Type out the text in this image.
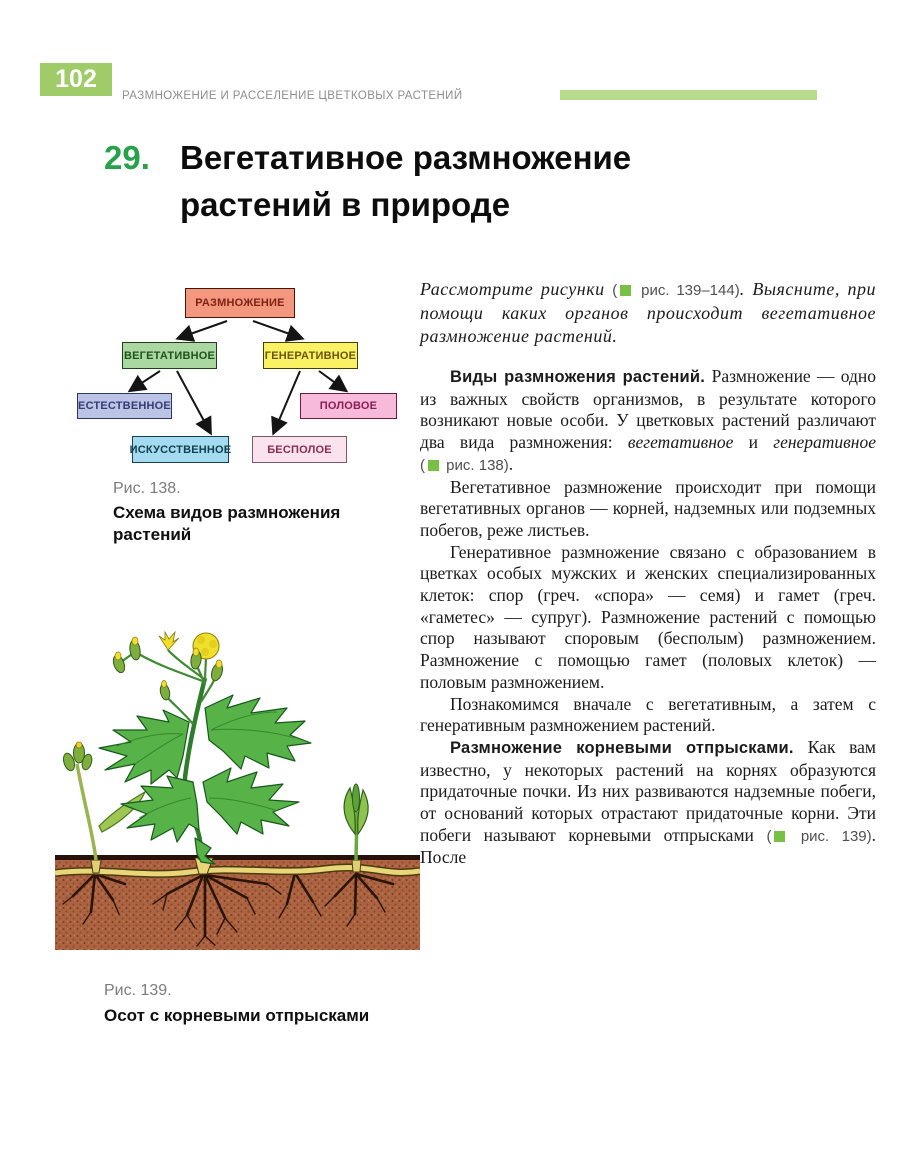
102
РАЗМНОЖЕНИЕ И РАССЕЛЕНИЕ ЦВЕТКОВЫХ РАСТЕНИЙ
29. Вегетативное размножение
растений в природе
РАЗМНОЖЕНИЕ
ВЕГЕТАТИВНОЕ	ГЕНЕРАТИВНОЕ
ЕСТЕСТВЕННОЕ
ИСКУССТВЕННОЕ
ПОЛОВОЕ
БЕСПОЛОЕ
Рис. 138.
Схема видов размножения растений
Рис. 139.
Осот с корневыми отпрысками

Рассмотрите рисунки ( рис. 139–144). Выясните, при помощи каких органов происходит вегетативное размножение растений.

Виды размножения растений. Размножение — одно из важных свойств организмов, в результате которого возникают новые особи. У цветковых растений различают два вида размножения: вегетативное и генеративное ( рис. 138).

Вегетативное размножение происходит при помощи вегетативных органов — корней, надземных или подземных побегов, реже листьев.

Генеративное размножение связано с образованием в цветках особых мужских и женских специализированных клеток: спор (греч. «спора» — семя) и гамет (греч. «гаметес» — супруг). Размножение растений с помощью спор называют споровым (бесполым) размножением. Размножение с помощью гамет (половых клеток) — половым размножением.

Познакомимся вначале с вегетативным, а затем с генеративным размножением растений.

Размножение корневыми отпрысками. Как вам известно, у некоторых растений на корнях образуются придаточные почки. Из них развиваются надземные побеги, от оснований которых отрастают придаточные корни. Эти побеги называют корневыми отпрысками ( рис. 139). После
